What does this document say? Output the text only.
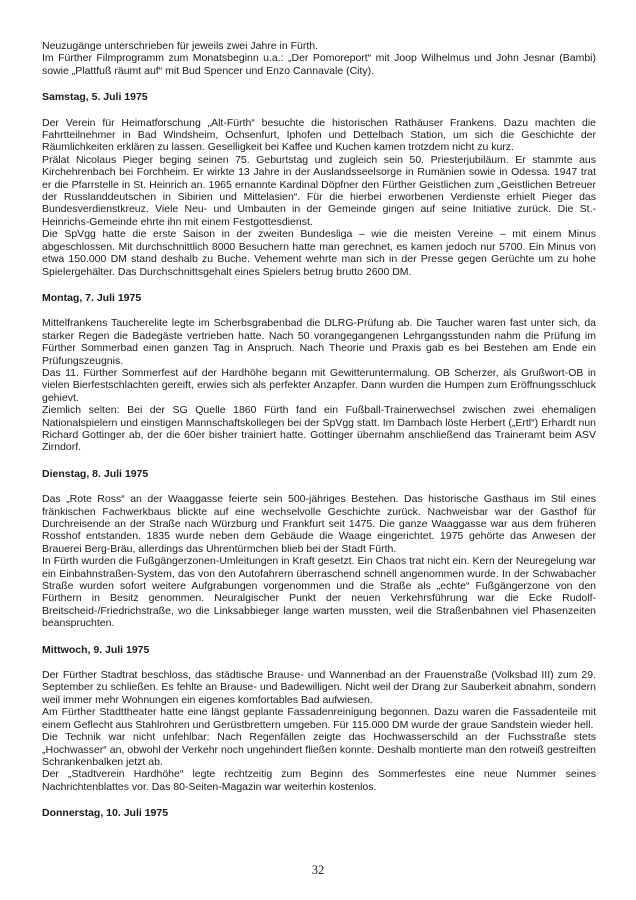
Neuzugänge unterschrieben für jeweils zwei Jahre in Fürth.

Im Fürther Filmprogramm zum Monatsbeginn u.a.: „Der Pomoreport“ mit Joop Wilhelmus und John Jesnar (Bambi) sowie „Plattfuß räumt auf“ mit Bud Spencer und Enzo Cannavale (City).

Samstag, 5. Juli 1975

Der Verein für Heimatforschung „Alt-Fürth“ besuchte die historischen Rathäuser Frankens. Dazu machten die Fahrtteilnehmer in Bad Windsheim, Ochsenfurt, Iphofen und Dettelbach Station, um sich die Geschichte der Räumlichkeiten erklären zu lassen. Geselligkeit bei Kaffee und Kuchen kamen trotzdem nicht zu kurz.

Prälat Nicolaus Pieger beging seinen 75. Geburtstag und zugleich sein 50. Priesterjubiläum. Er stammte aus Kirchehrenbach bei Forchheim. Er wirkte 13 Jahre in der Auslandsseelsorge in Rumänien sowie in Odessa. 1947 trat er die Pfarrstelle in St. Heinrich an. 1965 ernannte Kardinal Döpfner den Fürther Geistlichen zum „Geistlichen Betreuer der Russlanddeutschen in Sibirien und Mittelasien“. Für die hierbei erworbenen Verdienste erhielt Pieger das Bundesverdienstkreuz. Viele Neu- und Umbauten in der Gemeinde gingen auf seine Initiative zurück. Die St.-Heinrichs-Gemeinde ehrte ihn mit einem Festgottesdienst.

Die SpVgg hatte die erste Saison in der zweiten Bundesliga – wie die meisten Vereine – mit einem Minus abgeschlossen. Mit durchschnittlich 8000 Besuchern hatte man gerechnet, es kamen jedoch nur 5700. Ein Minus von etwa 150.000 DM stand deshalb zu Buche. Vehement wehrte man sich in der Presse gegen Gerüchte um zu hohe Spielergehälter. Das Durchschnittsgehalt eines Spielers betrug brutto 2600 DM.

Montag, 7. Juli 1975

Mittelfrankens Taucherelite legte im Scherbsgrabenbad die DLRG-Prüfung ab. Die Taucher waren fast unter sich, da starker Regen die Badegäste vertrieben hatte. Nach 50 vorangegangenen Lehrgangsstunden nahm die Prüfung im Fürther Sommerbad einen ganzen Tag in Anspruch. Nach Theorie und Praxis gab es bei Bestehen am Ende ein Prüfungszeugnis.

Das 11. Fürther Sommerfest auf der Hardhöhe begann mit Gewitteruntermalung. OB Scherzer, als Grußwort-OB in vielen Bierfestschlachten gereift, erwies sich als perfekter Anzapfer. Dann wurden die Humpen zum Eröffnungsschluck gehievt.

Ziemlich selten: Bei der SG Quelle 1860 Fürth fand ein Fußball-Trainerwechsel zwischen zwei ehemaligen Nationalspielern und einstigen Mannschaftskollegen bei der SpVgg statt. Im Dambach löste Herbert („Ertl“) Erhardt nun Richard Gottinger ab, der die 60er bisher trainiert hatte. Gottinger übernahm anschließend das Traineramt beim ASV Zirndorf.

Dienstag, 8. Juli 1975

Das „Rote Ross“ an der Waaggasse feierte sein 500-jähriges Bestehen. Das historische Gasthaus im Stil eines fränkischen Fachwerkbaus blickte auf eine wechselvolle Geschichte zurück. Nachweisbar war der Gasthof für Durchreisende an der Straße nach Würzburg und Frankfurt seit 1475. Die ganze Waaggasse war aus dem früheren Rosshof entstanden. 1835 wurde neben dem Gebäude die Waage eingerichtet. 1975 gehörte das Anwesen der Brauerei Berg-Bräu, allerdings das Uhrentürmchen blieb bei der Stadt Fürth.

In Fürth wurden die Fußgängerzonen-Umleitungen in Kraft gesetzt. Ein Chaos trat nicht ein. Kern der Neuregelung war ein Einbahnstraßen-System, das von den Autofahrern überraschend schnell angenommen wurde. In der Schwabacher Straße wurden sofort weitere Aufgrabungen vorgenommen und die Straße als „echte“ Fußgängerzone von den Fürthern in Besitz genommen. Neuralgischer Punkt der neuen Verkehrsführung war die Ecke Rudolf-Breitscheid-/Friedrichstraße, wo die Linksabbieger lange warten mussten, weil die Straßenbahnen viel Phasenzeiten beanspruchten.

Mittwoch, 9. Juli 1975

Der Fürther Stadtrat beschloss, das städtische Brause- und Wannenbad an der Frauenstraße (Volksbad III) zum 29. September zu schließen. Es fehlte an Brause- und Badewilligen. Nicht weil der Drang zur Sauberkeit abnahm, sondern weil immer mehr Wohnungen ein eigenes komfortables Bad aufwiesen.

Am Fürther Stadttheater hatte eine längst geplante Fassadenreinigung begonnen. Dazu waren die Fassadenteile mit einem Geflecht aus Stahlrohren und Gerüstbrettern umgeben. Für 115.000 DM wurde der graue Sandstein wieder hell.

Die Technik war nicht unfehlbar: Nach Regenfällen zeigte das Hochwasserschild an der Fuchsstraße stets „Hochwasser“ an, obwohl der Verkehr noch ungehindert fließen konnte. Deshalb montierte man den rotweiß gestreiften Schrankenbalken jetzt ab.

Der „Stadtverein Hardhöhe“ legte rechtzeitig zum Beginn des Sommerfestes eine neue Nummer seines Nachrichtenblattes vor. Das 80-Seiten-Magazin war weiterhin kostenlos.

Donnerstag, 10. Juli 1975
32
